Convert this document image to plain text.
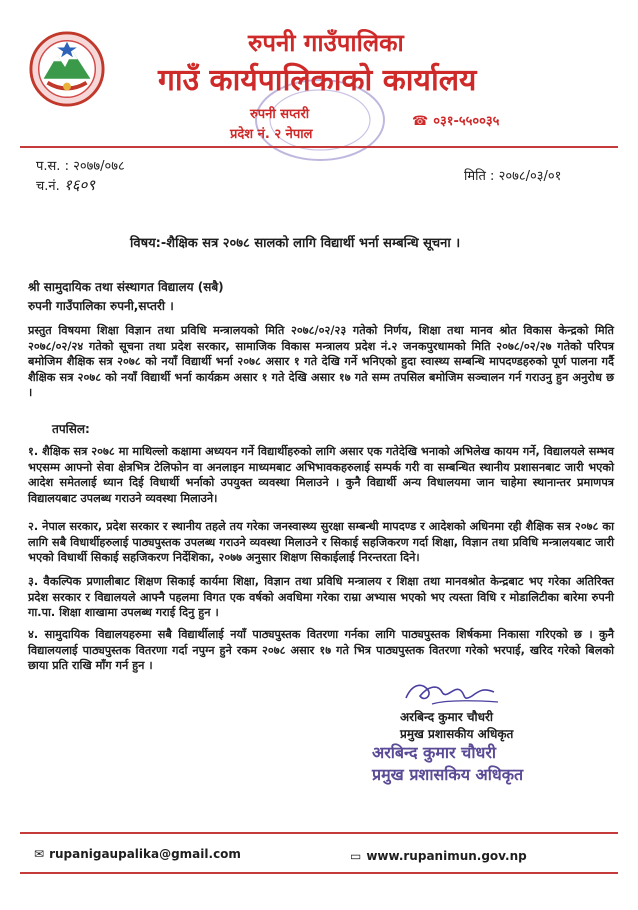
रुपनी गाउँपालिका
गाउँ कार्यपालिकाको कार्यालय
रुपनी सप्तरी
प्रदेश नं. २ नेपाल
☎ ०३१-५५००३५
प.स. : २०७७/०७८
च.नं. १६०९	मिति : २०७८/०३/०१
विषय:-शैक्षिक सत्र २०७८ सालको लागि विद्यार्थी भर्ना सम्बन्धि सूचना ।
श्री सामुदायिक तथा संस्थागत विद्यालय (सबै)
रुपनी गाउँपालिका रुपनी,सप्तरी ।
प्रस्तुत विषयमा शिक्षा विज्ञान तथा प्रविधि मन्त्रालयको मिति २०७८/०२/२३ गतेको निर्णय, शिक्षा तथा मानव श्रोत विकास केन्द्रको मिति २०७८/०२/२४ गतेको सूचना तथा प्रदेश सरकार, सामाजिक विकास मन्त्रालय प्रदेश नं.२ जनकपुरधामको मिति २०७८/०२/२७ गतेको परिपत्र बमोजिम शैक्षिक सत्र २०७८ को नयाँ विद्यार्थी भर्ना २०७८ असार १ गते देखि गर्ने भनिएको हुदा स्वास्थ्य सम्बन्धि मापदण्डहरुको पूर्ण पालना गर्दै शैक्षिक सत्र २०७८ को नयाँ विद्यार्थी भर्ना कार्यक्रम असार १ गते देखि असार १७ गते सम्म तपसिल बमोजिम सञ्चालन गर्न गराउनु हुन अनुरोध छ ।
तपसिल:
१. शैक्षिक सत्र २०७८ मा माथिल्लो कक्षामा अध्ययन गर्ने विद्यार्थीहरुको लागि असार एक गतेदेखि भनाको अभिलेख कायम गर्ने, विद्यालयले सम्भव भएसम्म आफ्नो सेवा क्षेत्रभित्र टेलिफोन वा अनलाइन माध्यमबाट अभिभावकहरुलाई सम्पर्क गरी वा सम्बन्धित स्थानीय प्रशासनबाट जारी भएको आदेश समेतलाई ध्यान दिई विधार्थी भर्नाको उपयुक्त व्यवस्था मिलाउने । कुनै विद्यार्थी अन्य विधालयमा जान चाहेमा स्थानान्तर प्रमाणपत्र विद्यालयबाट उपलब्ध गराउने व्यवस्था मिलाउने।
२. नेपाल सरकार, प्रदेश सरकार र स्थानीय तहले तय गरेका जनस्वास्थ्य सुरक्षा सम्बन्धी मापदण्ड र आदेशको अधिनमा रही शैक्षिक सत्र २०७८ का लागि सबै विधार्थीहरुलाई पाठ्यपुस्तक उपलब्ध गराउने व्यवस्था मिलाउने र सिकाई सहजिकरण गर्दा शिक्षा, विज्ञान तथा प्रविधि मन्त्रालयबाट जारी भएको विधार्थी सिकाई सहजिकरण निर्देशिका, २०७७ अनुसार शिक्षण सिकाईलाई निरन्तरता दिने।
३. वैकल्पिक प्रणालीबाट शिक्षण सिकाई कार्यमा शिक्षा, विज्ञान तथा प्रविधि मन्त्रालय र शिक्षा तथा मानवश्रोत केन्द्रबाट भए गरेका अतिरिक्त प्रदेश सरकार र विद्यालयले आफ्नै पहलमा विगत एक वर्षको अवधिमा गरेका राम्रा अभ्यास भएको भए त्यस्ता विधि र मोडालिटीका बारेमा रुपनी गा.पा. शिक्षा शाखामा उपलब्ध गराई दिनु हुन ।
४. सामुदायिक विद्यालयहरुमा सबै विद्यार्थीलाई नयाँ पाठ्यपुस्तक वितरणा गर्नका लागि पाठ्यपुस्तक शिर्षकमा निकासा गरिएको छ । कुनै विद्यालयलाई पाठ्यपुस्तक वितरणा गर्दा नपुग्न हुने रकम २०७८ असार १७ गते भित्र पाठ्यपुस्तक वितरणा गरेको भरपाई, खरिद गरेको बिलको छाया प्रति राखि माँग गर्न हुन ।
अरबिन्द कुमार चौधरी
प्रमुख प्रशासकीय अधिकृत
अरबिन्द कुमार चौधरी
प्रमुख प्रशासकिय अधिकृत
✉ rupanigaupalika@gmail.com	▭ www.rupanimun.gov.np
